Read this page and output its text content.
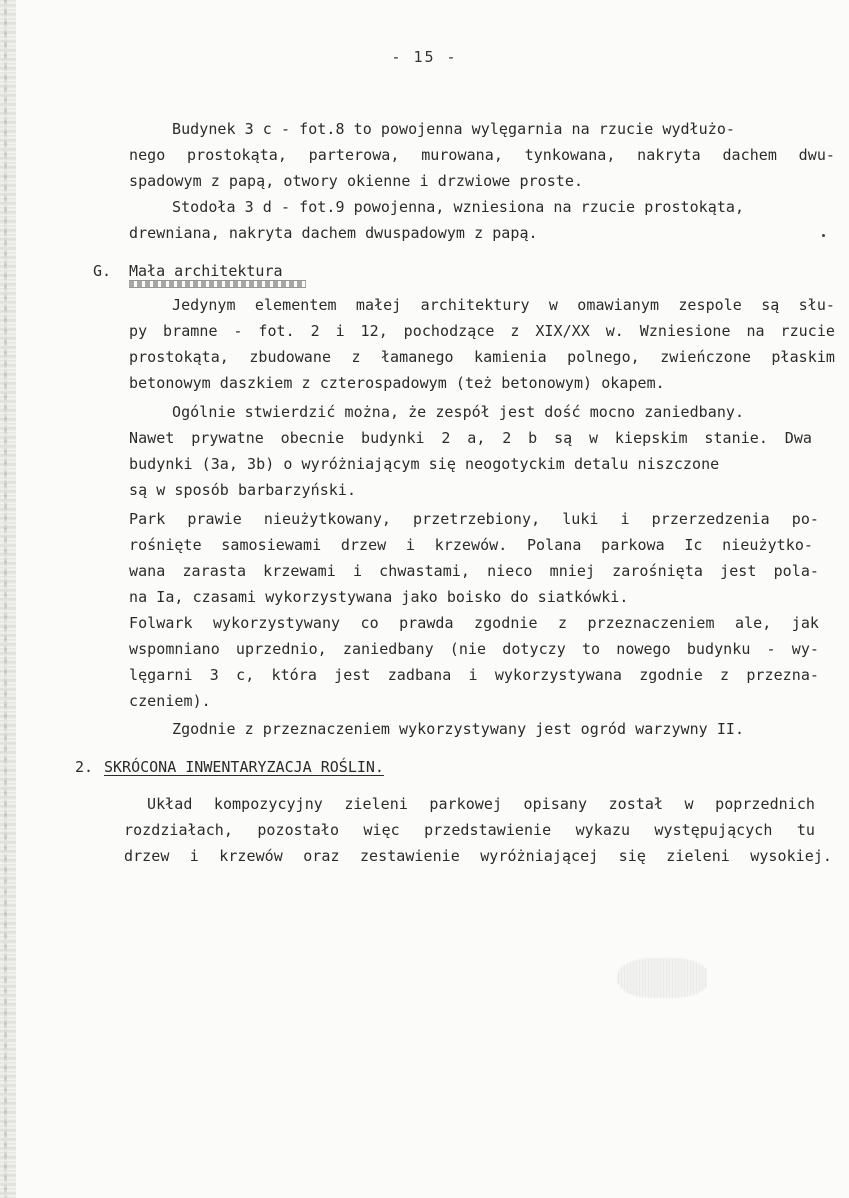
- 15 -
Budynek 3 c - fot.8 to powojenna wylęgarnia na rzucie wydłużo-
nego prostokąta, parterowa, murowana, tynkowana, nakryta dachem dwu-
spadowym z papą, otwory okienne i drzwiowe proste.
Stodoła 3 d - fot.9 powojenna, wzniesiona na rzucie prostokąta,
drewniana, nakryta dachem dwuspadowym z papą.
G. Mała architektura
Jedynym elementem małej architektury w omawianym zespole są słu-
py bramne - fot. 2 i 12, pochodzące z XIX/XX w. Wzniesione na rzucie
prostokąta, zbudowane z łamanego kamienia polnego, zwieńczone płaskim
betonowym daszkiem z czterospadowym (też betonowym) okapem.
Ogólnie stwierdzić można, że zespół jest dość mocno zaniedbany.
Nawet prywatne obecnie budynki 2 a, 2 b są w kiepskim stanie. Dwa
budynki (3a, 3b) o wyróżniającym się neogotyckim detalu niszczone
są w sposób barbarzyński.
Park prawie nieużytkowany, przetrzebiony, luki i przerzedzenia po-
rośnięte samosiewami drzew i krzewów. Polana parkowa Ic nieużytko-
wana zarasta krzewami i chwastami, nieco mniej zarośnięta jest pola-
na Ia, czasami wykorzystywana jako boisko do siatkówki.
Folwark wykorzystywany co prawda zgodnie z przeznaczeniem ale, jak
wspomniano uprzednio, zaniedbany (nie dotyczy to nowego budynku - wy-
lęgarni 3 c, która jest zadbana i wykorzystywana zgodnie z przezna-
czeniem).
Zgodnie z przeznaczeniem wykorzystywany jest ogród warzywny II.
2. SKRÓCONA INWENTARYZACJA ROŚLIN.
Układ kompozycyjny zieleni parkowej opisany został w poprzednich
rozdziałach, pozostało więc przedstawienie wykazu występujących tu
drzew i krzewów oraz zestawienie wyróżniającej się zieleni wysokiej.
